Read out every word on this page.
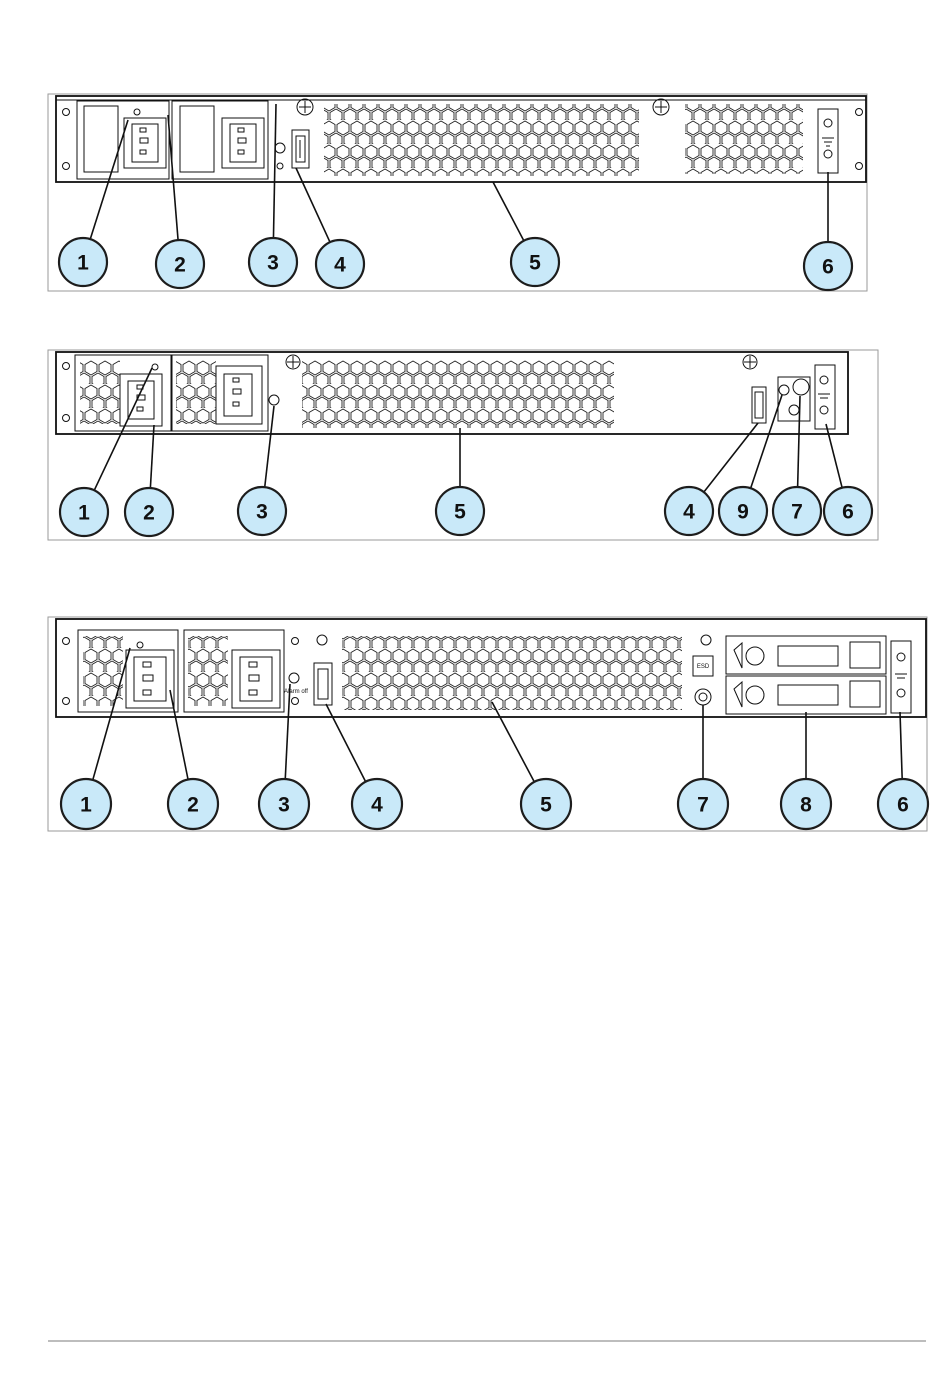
Alarm off
ESD
1	2	3	4	5	6
1	2	3	5	4 9 7 6
1	2	3	4	5	7	8	6
